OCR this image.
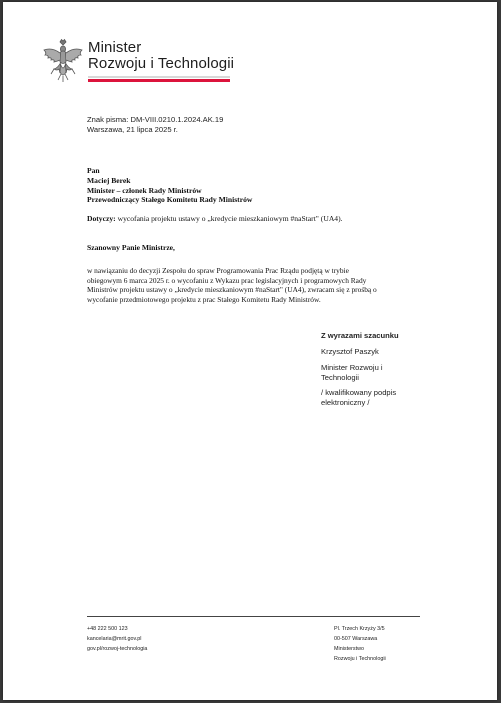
Minister
Rozwoju i Technologii
Znak pisma: DM-VIII.0210.1.2024.AK.19
Warszawa, 21 lipca 2025 r.
Pan
Maciej Berek
Minister – członek Rady Ministrów
Przewodniczący Stałego Komitetu Rady Ministrów
Dotyczy: wycofania projektu ustawy o „kredycie mieszkaniowym #naStart" (UA4).
Szanowny Panie Ministrze,
w nawiązaniu do decyzji Zespołu do spraw Programowania Prac Rządu podjętą w trybie
obiegowym 6 marca 2025 r. o wycofaniu z Wykazu prac legislacyjnych i programowych Rady
Ministrów projektu ustawy o „kredycie mieszkaniowym #naStart" (UA4), zwracam się z prośbą o
wycofanie przedmiotowego projektu z prac Stałego Komitetu Rady Ministrów.
Z wyrazami szacunku
Krzysztof Paszyk
Minister Rozwoju i
Technologii
/ kwalifikowany podpis
elektroniczny /
+48 222 500 123
kancelaria@mrit.gov.pl
gov.pl/rozwoj-technologia
Pl. Trzech Krzyży 3/5
00-507 Warszawa
Ministerstwo
Rozwoju i Technologii
